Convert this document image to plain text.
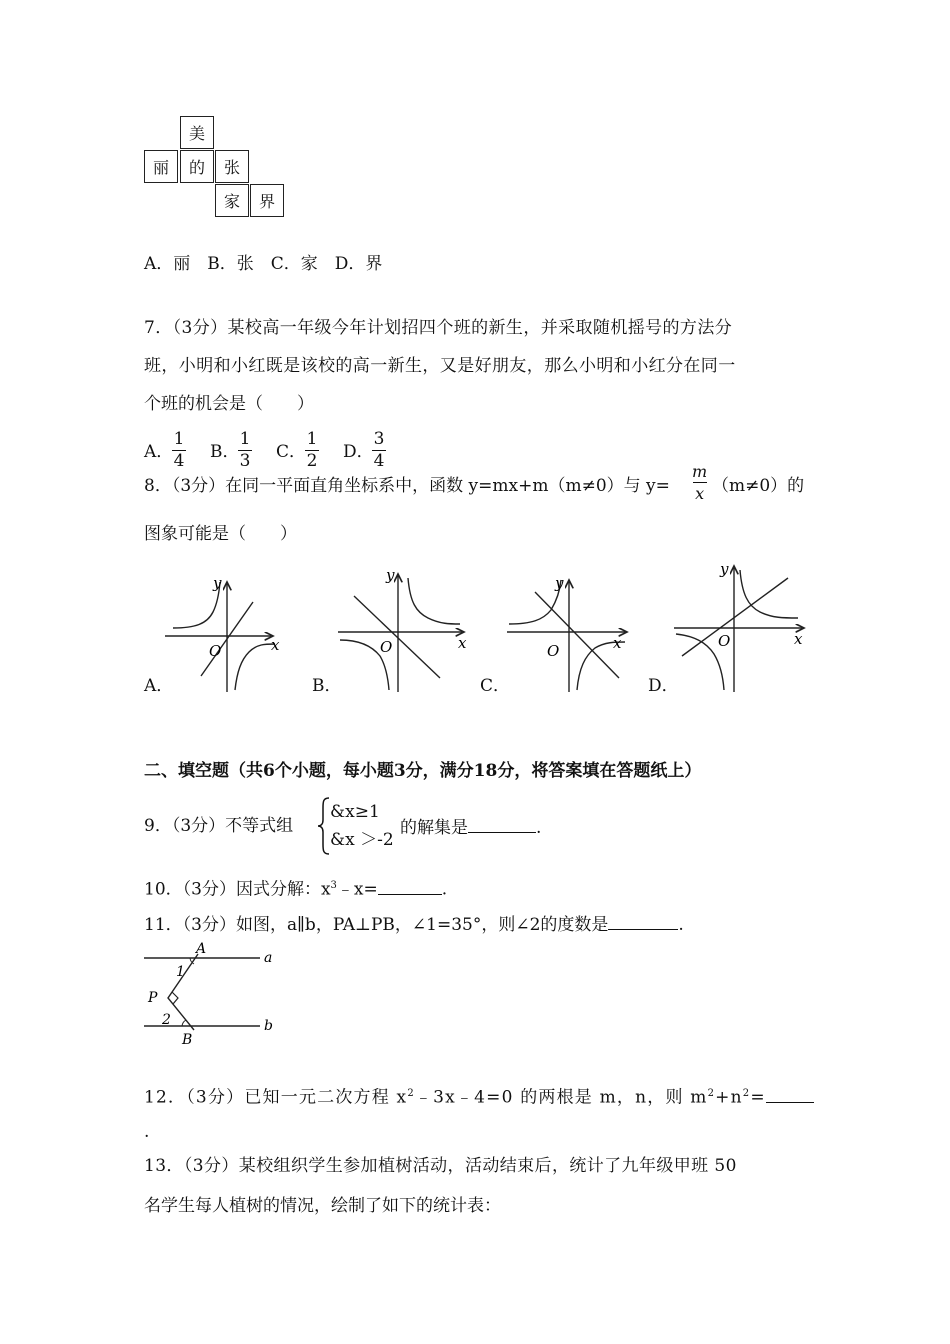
美
丽	的	张
家	界
A．丽　B．张　C．家　D．界
7．（3分）某校高一年级今年计划招四个班的新生，并采取随机摇号的方法分
班，小明和小红既是该校的高一新生，又是好朋友，那么小明和小红分在同一
个班的机会是（　　）
A．
1
4 B．
1
3 C．
1
2 D．
3
4
8．（3分）在同一平面直角坐标系中，函数 y=mx+m（m≠0）与 y=
m
x （m≠0）的
图象可能是（　　）
y
x
O
A．
y
x
O
B．
y
x
O
C．
y
x
O
D．
二、填空题（共6个小题，每小题3分，满分18分，将答案填在答题纸上）
9．（3分）不等式组
&x≥1
&x ＞-2
的解集是	.
10．（3分）因式分解：$x^3﹣x=$	.
11．（3分）如图，a∥b，PA⊥PB，∠1=35°，则∠2的度数是	.
A
a
1
P
2	b
B
12．（3分）已知一元二次方程 $x^2﹣3x﹣4=0$ 的两根是 m，n，则 $m^2+n^2=$
.
13．（3分）某校组织学生参加植树活动，活动结束后，统计了九年级甲班 50
名学生每人植树的情况，绘制了如下的统计表：
